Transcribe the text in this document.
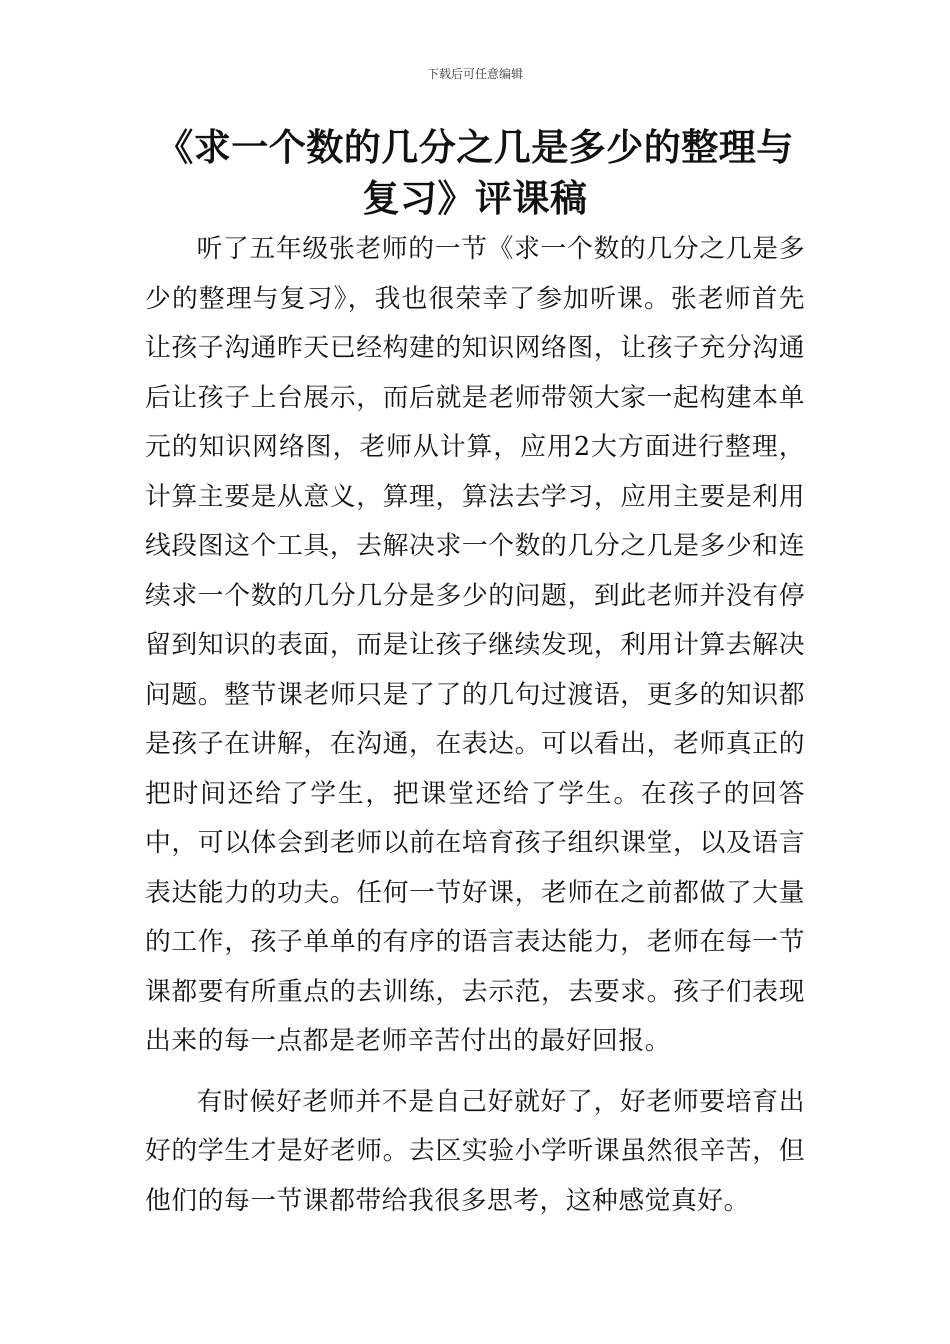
下载后可任意编辑
《求一个数的几分之几是多少的整理与复习》评课稿

听了五年级张老师的一节《求一个数的几分之几是多少的整理与复习》，我也很荣幸了参加听课。张老师首先让孩子沟通昨天已经构建的知识网络图，让孩子充分沟通后让孩子上台展示，而后就是老师带领大家一起构建本单元的知识网络图，老师从计算，应用2大方面进行整理，计算主要是从意义，算理，算法去学习，应用主要是利用线段图这个工具，去解决求一个数的几分之几是多少和连续求一个数的几分几分是多少的问题，到此老师并没有停留到知识的表面，而是让孩子继续发现，利用计算去解决问题。整节课老师只是了了的几句过渡语，更多的知识都是孩子在讲解，在沟通，在表达。可以看出，老师真正的把时间还给了学生，把课堂还给了学生。在孩子的回答中，可以体会到老师以前在培育孩子组织课堂，以及语言表达能力的功夫。任何一节好课，老师在之前都做了大量的工作，孩子单单的有序的语言表达能力，老师在每一节课都要有所重点的去训练，去示范，去要求。孩子们表现出来的每一点都是老师辛苦付出的最好回报。

有时候好老师并不是自己好就好了，好老师要培育出好的学生才是好老师。去区实验小学听课虽然很辛苦，但他们的每一节课都带给我很多思考，这种感觉真好。
